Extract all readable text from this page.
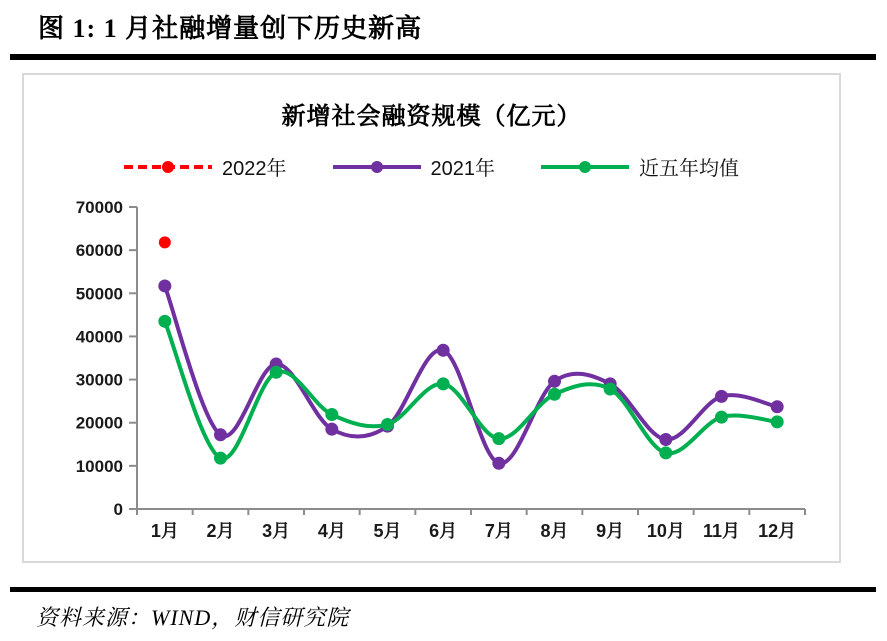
图 1: 1 月社融增量创下历史新高
新增社会融资规模（亿元）
2022年	2021年	近五年均值
0
10000
20000
30000
40000
50000
60000
70000
1月 2月 3月 4月 5月 6月 7月 8月 9月 10月 11月 12月
资料来源：WIND，财信研究院
